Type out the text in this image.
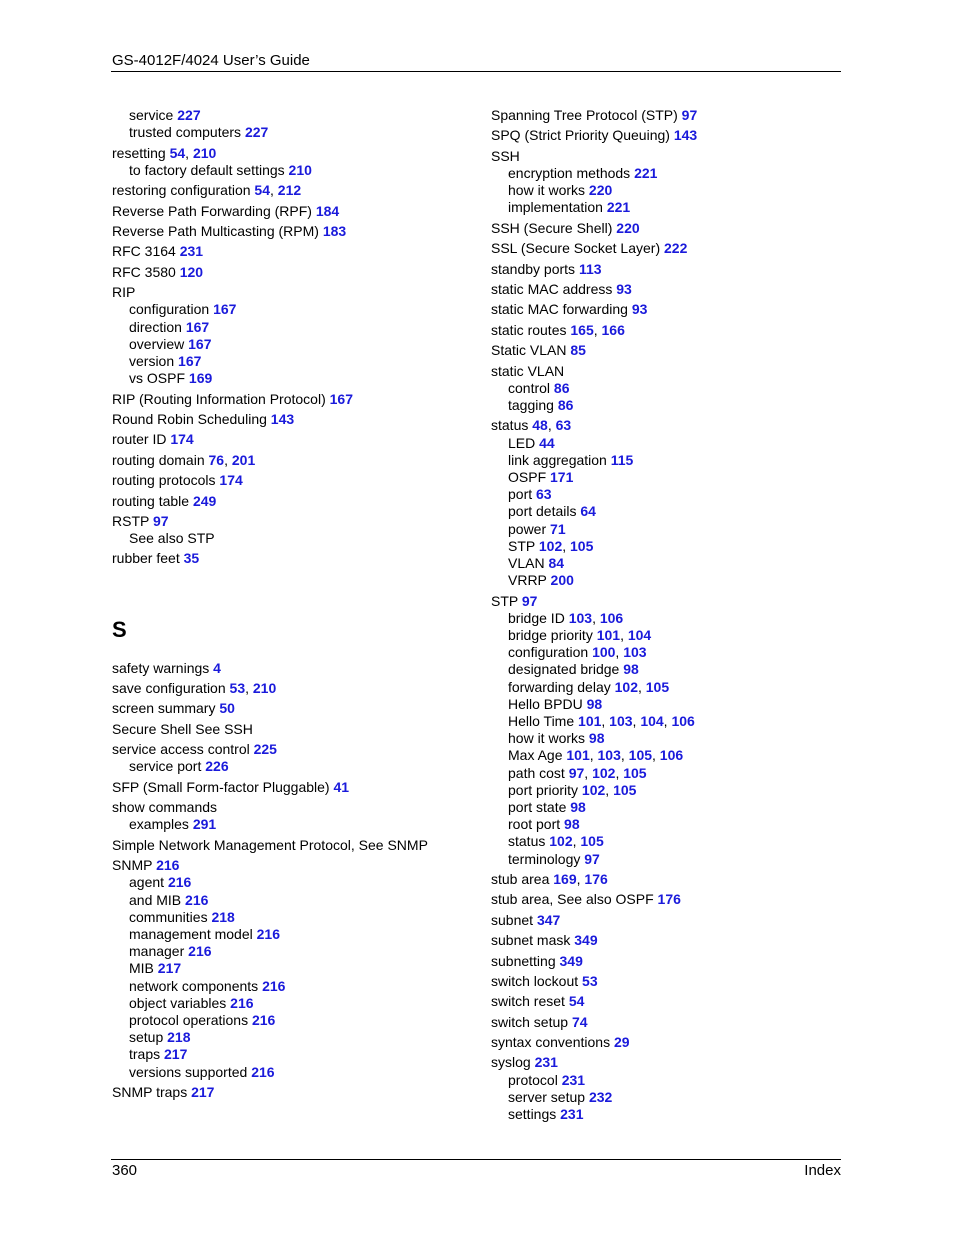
GS-4012F/4024 User’s Guide
service 227
trusted computers 227
resetting 54, 210
to factory default settings 210
restoring configuration 54, 212
Reverse Path Forwarding (RPF) 184
Reverse Path Multicasting (RPM) 183
RFC 3164 231
RFC 3580 120
RIP
configuration 167
direction 167
overview 167
version 167
vs OSPF 169
RIP (Routing Information Protocol) 167
Round Robin Scheduling 143
router ID 174
routing domain 76, 201
routing protocols 174
routing table 249
RSTP 97
See also STP
rubber feet 35
S
safety warnings 4
save configuration 53, 210
screen summary 50
Secure Shell See SSH
service access control 225
service port 226
SFP (Small Form-factor Pluggable) 41
show commands
examples 291
Simple Network Management Protocol, See SNMP
SNMP 216
agent 216
and MIB 216
communities 218
management model 216
manager 216
MIB 217
network components 216
object variables 216
protocol operations 216
setup 218
traps 217
versions supported 216
SNMP traps 217
Spanning Tree Protocol (STP) 97
SPQ (Strict Priority Queuing) 143
SSH
encryption methods 221
how it works 220
implementation 221
SSH (Secure Shell) 220
SSL (Secure Socket Layer) 222
standby ports 113
static MAC address 93
static MAC forwarding 93
static routes 165, 166
Static VLAN 85
static VLAN
control 86
tagging 86
status 48, 63
LED 44
link aggregation 115
OSPF 171
port 63
port details 64
power 71
STP 102, 105
VLAN 84
VRRP 200
STP 97
bridge ID 103, 106
bridge priority 101, 104
configuration 100, 103
designated bridge 98
forwarding delay 102, 105
Hello BPDU 98
Hello Time 101, 103, 104, 106
how it works 98
Max Age 101, 103, 105, 106
path cost 97, 102, 105
port priority 102, 105
port state 98
root port 98
status 102, 105
terminology 97
stub area 169, 176
stub area, See also OSPF 176
subnet 347
subnet mask 349
subnetting 349
switch lockout 53
switch reset 54
switch setup 74
syntax conventions 29
syslog 231
protocol 231
server setup 232
settings 231
360	Index
